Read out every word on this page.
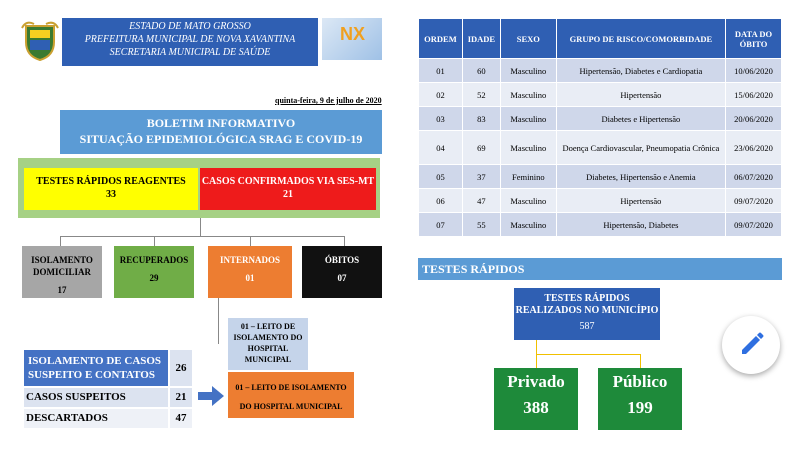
ESTADO DE MATO GROSSO
PREFEITURA MUNICIPAL DE NOVA XAVANTINA
SECRETARIA MUNICIPAL DE SAÚDE
NX
quinta-feira, 9 de julho de 2020
BOLETIM INFORMATIVO
SITUAÇÃO EPIDEMIOLÓGICA SRAG E COVID-19
TESTES RÁPIDOS REAGENTES
33
CASOS CONFIRMADOS VIA SES-MT
21
ISOLAMENTO DOMICILIAR
17
RECUPERADOS
29
INTERNADOS
01
ÓBITOS
07
01 – LEITO DE ISOLAMENTO DO HOSPITAL MUNICIPAL
ISOLAMENTO DE CASOS SUSPEITO E CONTATOS
26
CASOS SUSPEITOS	21
DESCARTADOS	47
01 – LEITO DE ISOLAMENTO
DO HOSPITAL MUNICIPAL
ORDEM	IDADE	SEXO	GRUPO DE RISCO/COMORBIDADE	DATA DO ÓBITO
01	60	Masculino	Hipertensão, Diabetes e Cardiopatia	10/06/2020
02	52	Masculino	Hipertensão	15/06/2020
03	83	Masculino	Diabetes e Hipertensão	20/06/2020
04	69	Masculino	Doença Cardiovascular, Pneumopatia Crônica	23/06/2020
05	37	Feminino	Diabetes, Hipertensão e Anemia	06/07/2020
06	47	Masculino	Hipertensão	09/07/2020
07	55	Masculino	Hipertensão, Diabetes	09/07/2020
TESTES RÁPIDOS
TESTES RÁPIDOS
REALIZADOS NO MUNICÍPIO
587
Privado
388
Público
199
